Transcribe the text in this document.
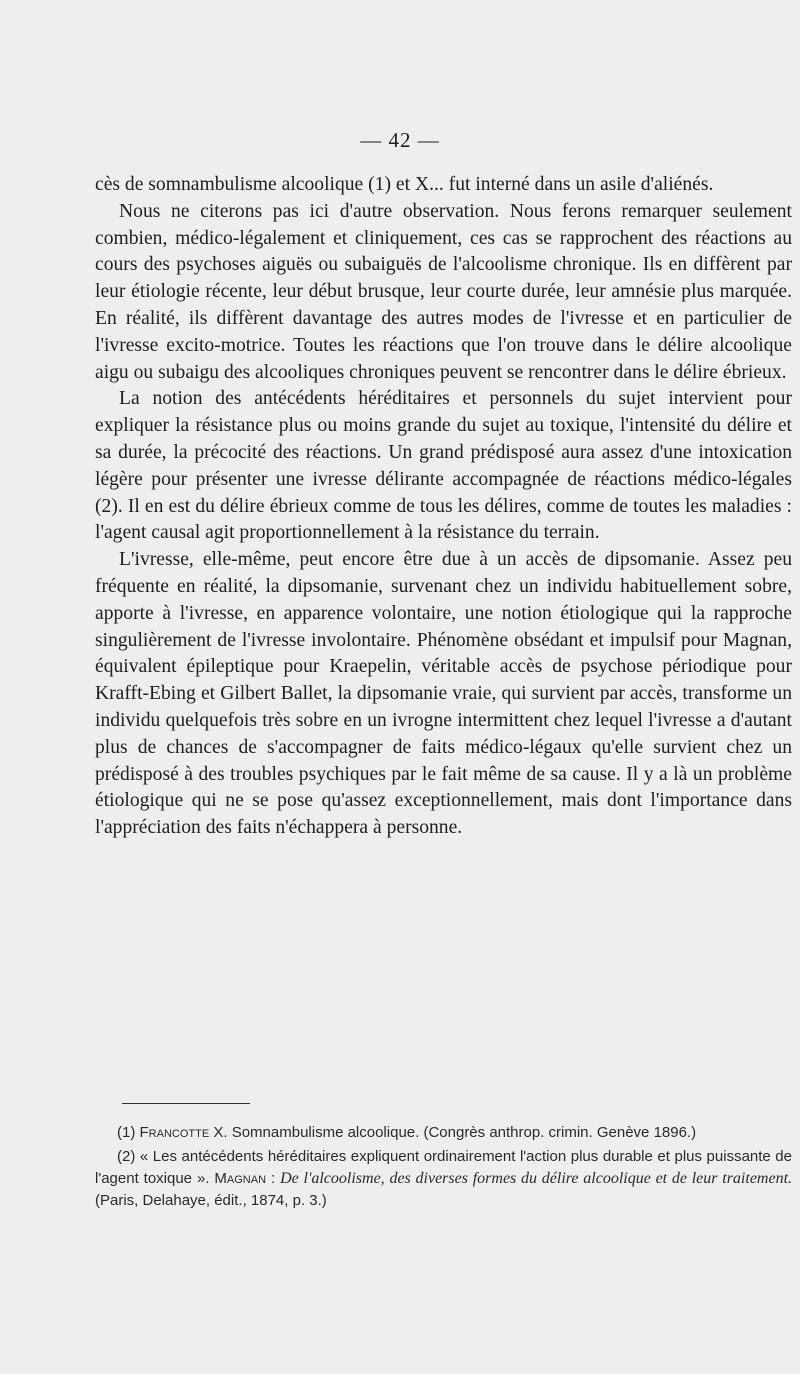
— 42 —

cès de somnambulisme alcoolique (1) et X... fut interné dans un asile d'aliénés.

Nous ne citerons pas ici d'autre observation. Nous ferons remarquer seulement combien, médico-légalement et cliniquement, ces cas se rapprochent des réactions au cours des psychoses aiguës ou subaiguës de l'alcoolisme chronique. Ils en diffèrent par leur étiologie récente, leur début brusque, leur courte durée, leur amnésie plus marquée. En réalité, ils diffèrent davantage des autres modes de l'ivresse et en particulier de l'ivresse excito-motrice. Toutes les réactions que l'on trouve dans le délire alcoolique aigu ou subaigu des alcooliques chroniques peuvent se rencontrer dans le délire ébrieux.

La notion des antécédents héréditaires et personnels du sujet intervient pour expliquer la résistance plus ou moins grande du sujet au toxique, l'intensité du délire et sa durée, la précocité des réactions. Un grand prédisposé aura assez d'une intoxication légère pour présenter une ivresse délirante accompagnée de réactions médico-légales (2). Il en est du délire ébrieux comme de tous les délires, comme de toutes les maladies : l'agent causal agit proportionnellement à la résistance du terrain.

L'ivresse, elle-même, peut encore être due à un accès de dipsomanie. Assez peu fréquente en réalité, la dipsomanie, survenant chez un individu habituellement sobre, apporte à l'ivresse, en apparence volontaire, une notion étiologique qui la rapproche singulièrement de l'ivresse involontaire. Phénomène obsédant et impulsif pour Magnan, équivalent épileptique pour Kraepelin, véritable accès de psychose périodique pour Krafft-Ebing et Gilbert Ballet, la dipsomanie vraie, qui survient par accès, transforme un individu quelquefois très sobre en un ivrogne intermittent chez lequel l'ivresse a d'autant plus de chances de s'accompagner de faits médico-légaux qu'elle survient chez un prédisposé à des troubles psychiques par le fait même de sa cause. Il y a là un problème étiologique qui ne se pose qu'assez exceptionnellement, mais dont l'importance dans l'appréciation des faits n'échappera à personne.

(1) Francotte X. Somnambulisme alcoolique. (Congrès anthrop. crimin. Genève 1896.)

(2) « Les antécédents héréditaires expliquent ordinairement l'action plus durable et plus puissante de l'agent toxique ». Magnan : De l'alcoolisme, des diverses formes du délire alcoolique et de leur traitement. (Paris, Delahaye, édit., 1874, p. 3.)
